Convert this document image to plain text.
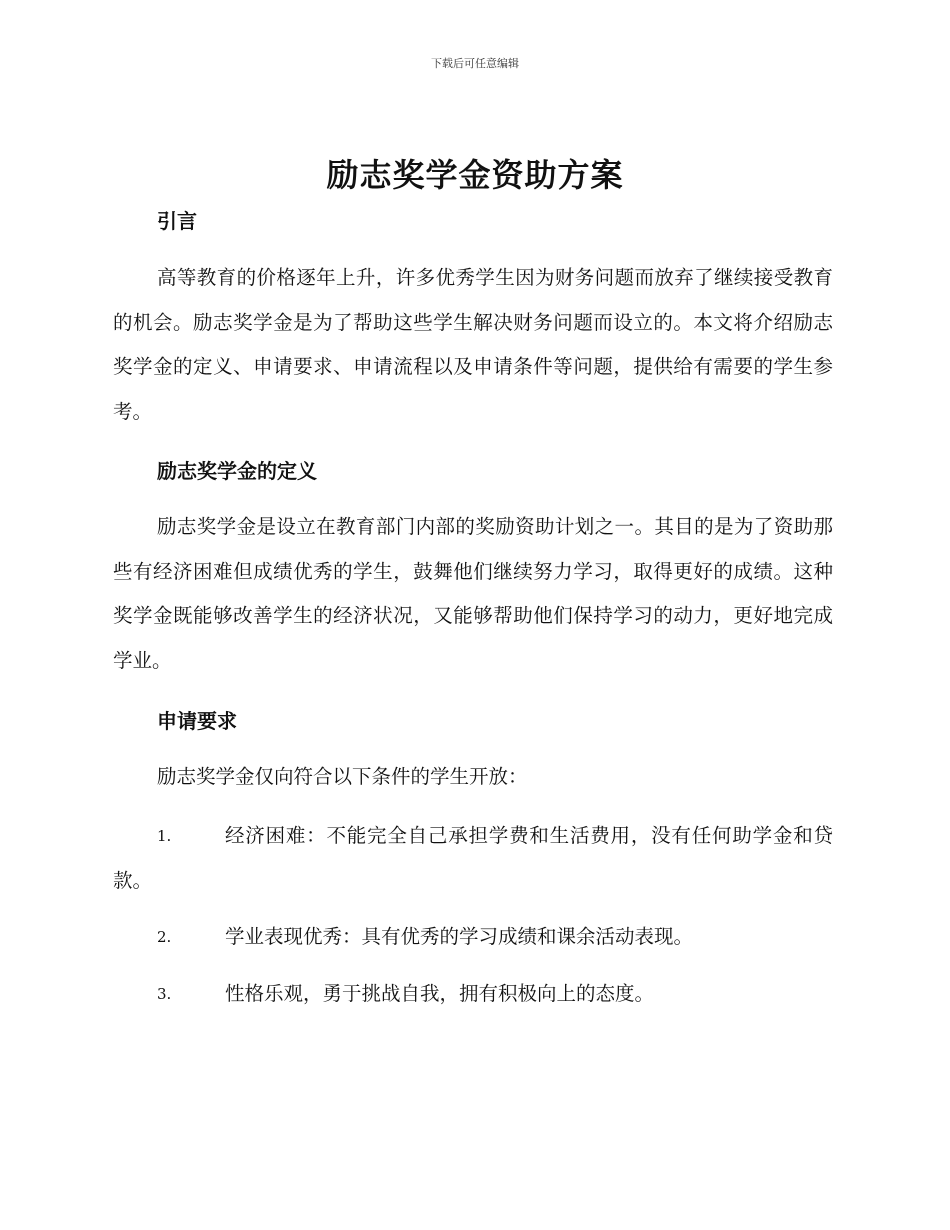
下载后可任意编辑
励志奖学金资助方案
引言
高等教育的价格逐年上升，许多优秀学生因为财务问题而放弃了继续接受教育的机会。励志奖学金是为了帮助这些学生解决财务问题而设立的。本文将介绍励志奖学金的定义、申请要求、申请流程以及申请条件等问题，提供给有需要的学生参考。
励志奖学金的定义
励志奖学金是设立在教育部门内部的奖励资助计划之一。其目的是为了资助那些有经济困难但成绩优秀的学生，鼓舞他们继续努力学习，取得更好的成绩。这种奖学金既能够改善学生的经济状况，又能够帮助他们保持学习的动力，更好地完成学业。
申请要求
励志奖学金仅向符合以下条件的学生开放：
1.	经济困难：不能完全自己承担学费和生活费用，没有任何助学金和贷款。
2.	学业表现优秀：具有优秀的学习成绩和课余活动表现。
3.	性格乐观，勇于挑战自我，拥有积极向上的态度。
